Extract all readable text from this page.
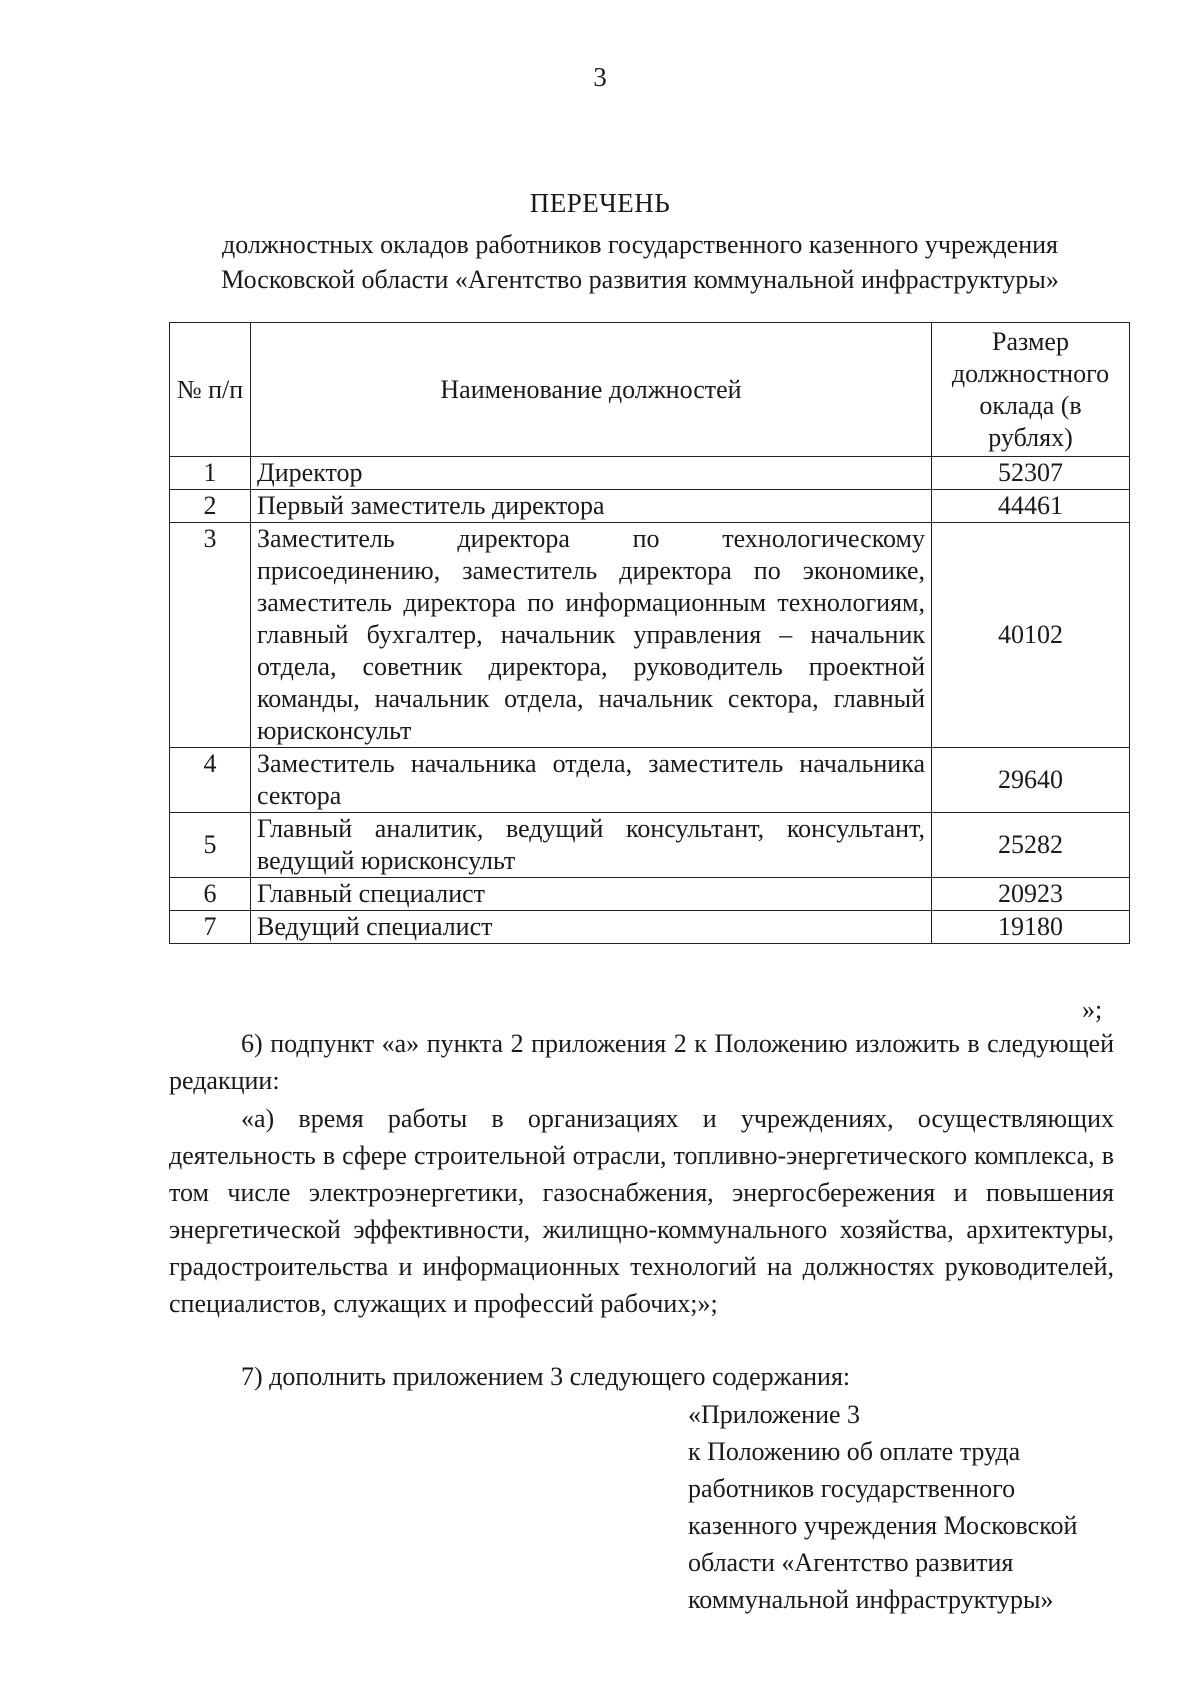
3
ПЕРЕЧЕНЬ
должностных окладов работников государственного казенного учреждения
Московской области «Агентство развития коммунальной инфраструктуры»
№ п/п	Наименование должностей	Размер должностного оклада (в рублях)
1	Директор	52307
2	Первый заместитель директора	44461
3	Заместитель директора по технологическому присоединению, заместитель директора по экономике, заместитель директора по информационным технологиям, главный бухгалтер, начальник управления – начальник отдела, советник директора, руководитель проектной команды, начальник отдела, начальник сектора, главный юрисконсульт	40102
4	Заместитель начальника отдела, заместитель начальника сектора	29640
5	Главный аналитик, ведущий консультант, консультант, ведущий юрисконсульт	25282
6	Главный специалист	20923
7	Ведущий специалист	19180
»;
6) подпункт «а» пункта 2 приложения 2 к Положению изложить в следующей редакции:
«а) время работы в организациях и учреждениях, осуществляющих деятельность в сфере строительной отрасли, топливно-энергетического комплекса, в том числе электроэнергетики, газоснабжения, энергосбережения и повышения энергетической эффективности, жилищно-коммунального хозяйства, архитектуры, градостроительства и информационных технологий на должностях руководителей, специалистов, служащих и профессий рабочих;»;
7) дополнить приложением 3 следующего содержания:
«Приложение 3
к Положению об оплате труда
работников государственного
казенного учреждения Московской
области «Агентство развития
коммунальной инфраструктуры»
